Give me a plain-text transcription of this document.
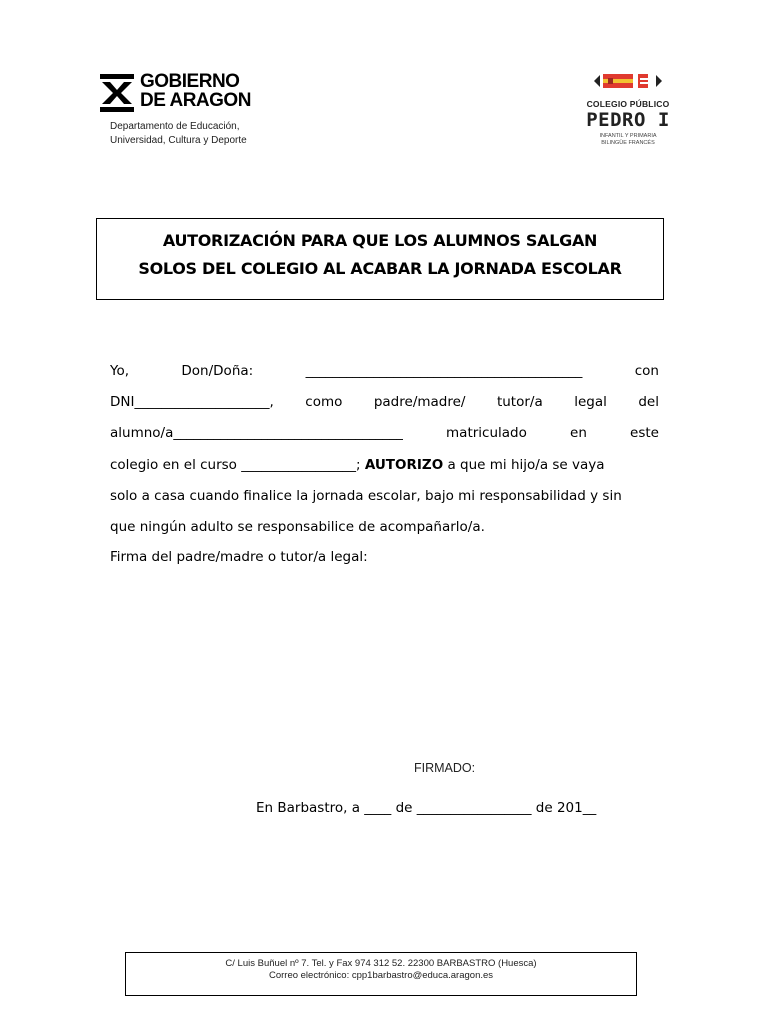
GOBIERNO
DE ARAGON
Departamento de Educación,
Universidad, Cultura y Deporte
COLEGIO PÚBLICO
PEDRO I
INFANTIL Y PRIMARIA
BILINGÜE FRANCÉS
AUTORIZACIÓN PARA QUE LOS ALUMNOS SALGAN
SOLOS DEL COLEGIO AL ACABAR LA JORNADA ESCOLAR
Yo,	Don/Doña:	_________________________________________	con
DNI____________________, como padre/madre/ tutor/a legal del
alumno/a__________________________________	matriculado	en	este
colegio en el curso _________________; AUTORIZO a que mi hijo/a se vaya
solo a casa cuando finalice la jornada escolar, bajo mi responsabilidad y sin
que ningún adulto se responsabilice de acompañarlo/a.
Firma del padre/madre o tutor/a legal:
FIRMADO:
En Barbastro, a ____ de _________________ de 201__
C/ Luis Buñuel nº 7. Tel. y Fax 974 312 52. 22300 BARBASTRO (Huesca)
Correo electrónico: cpp1barbastro@educa.aragon.es
